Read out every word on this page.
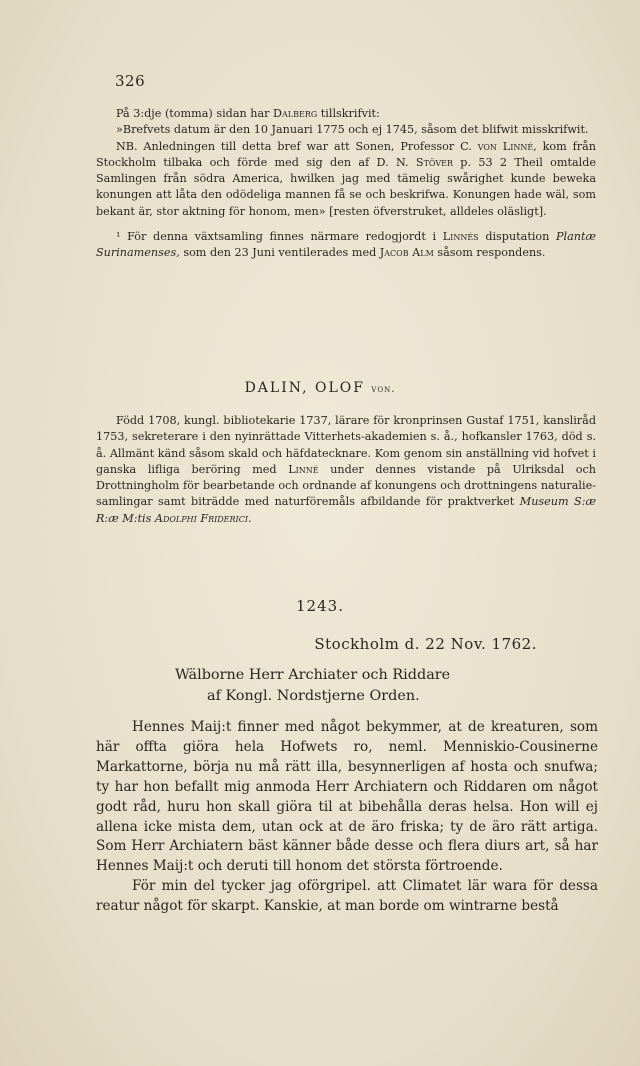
326

På 3:dje (tomma) sidan har Dalberg tillskrifvit:

»Brefvets datum är den 10 Januari 1775 och ej 1745, såsom det blifwit misskrifwit.

NB. Anledningen till detta bref war att Sonen, Professor C. von Linné, kom från Stockholm tilbaka och förde med sig den af D. N. Stöver p. 53 2 Theil omtalde Samlingen från södra America, hwilken jag med tämelig swårighet kunde beweka konungen att låta den odödeliga mannen få se och beskrifwa. Konungen hade wäl, som bekant är, stor aktning för honom, men» [resten öfverstruket, alldeles oläsligt].

¹ För denna växtsamling finnes närmare redogjordt i Linnés disputation Plantæ Surinamenses, som den 23 Juni ventilerades med Jacob Alm såsom respondens.

DALIN, OLOF von.

Född 1708, kungl. bibliotekarie 1737, lärare för kronprinsen Gustaf 1751, kansliråd 1753, sekreterare i den nyinrättade Vitterhets-akademien s. å., hofkansler 1763, död s. å. Allmänt känd såsom skald och häfdatecknare. Kom genom sin anställning vid hofvet i ganska lifliga beröring med Linné under dennes vistande på Ulriksdal och Drottningholm för bearbetande och ordnande af konungens och drottningens naturalie-samlingar samt biträdde med naturföremåls afbildande för praktverket Museum S:æ R:æ M:tis Adolphi Friderici.

1243.
Stockholm d. 22 Nov. 1762.
Wälborne Herr Archiater och Riddare
af Kongl. Nordstjerne Orden.

Hennes Maij:t finner med något bekymmer, at de kreaturen, som här offta giöra hela Hofwets ro, neml. Menniskio-Cousinerne Markattorne, börja nu må rätt illa, besynnerligen af hosta och snufwa; ty har hon befallt mig anmoda Herr Archiatern och Riddaren om något godt råd, huru hon skall giöra til at bibehålla deras helsa. Hon will ej allena icke mista dem, utan ock at de äro friska; ty de äro rätt artiga. Som Herr Archiatern bäst känner både desse och flera diurs art, så har Hennes Maij:t och deruti till honom det största förtroende.

För min del tycker jag oförgripel. att Climatet lär wara för dessa reatur något för skarpt. Kanskie, at man borde om wintrarne bestå
